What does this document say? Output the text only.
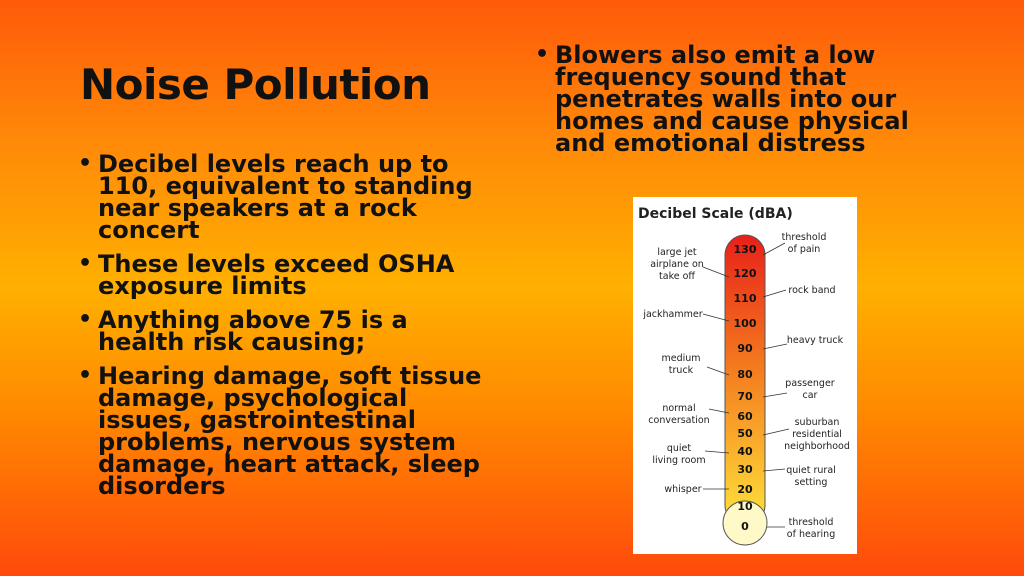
Noise Pollution
• Decibel levels reach up to 110, equivalent to standing near speakers at a rock concert
• These levels exceed OSHA exposure limits
• Anything above 75 is a health risk causing;
• Hearing damage, soft tissue damage, psychological issues, gastrointestinal problems, nervous system damage, heart attack, sleep disorders
• Blowers also emit a low frequency sound that penetrates walls into our homes and cause physical and emotional distress
Decibel Scale (dBA)
130
120
110
100
90
80
70
60
50
40
30
20
10
0
large jet
airplane on
take off
jackhammer
medium
truck
normal
conversation
quiet
living room
whisper
threshold
of pain
rock band
heavy truck
passenger
car
suburban
residential
neighborhood
quiet rural
setting
threshold
of hearing
